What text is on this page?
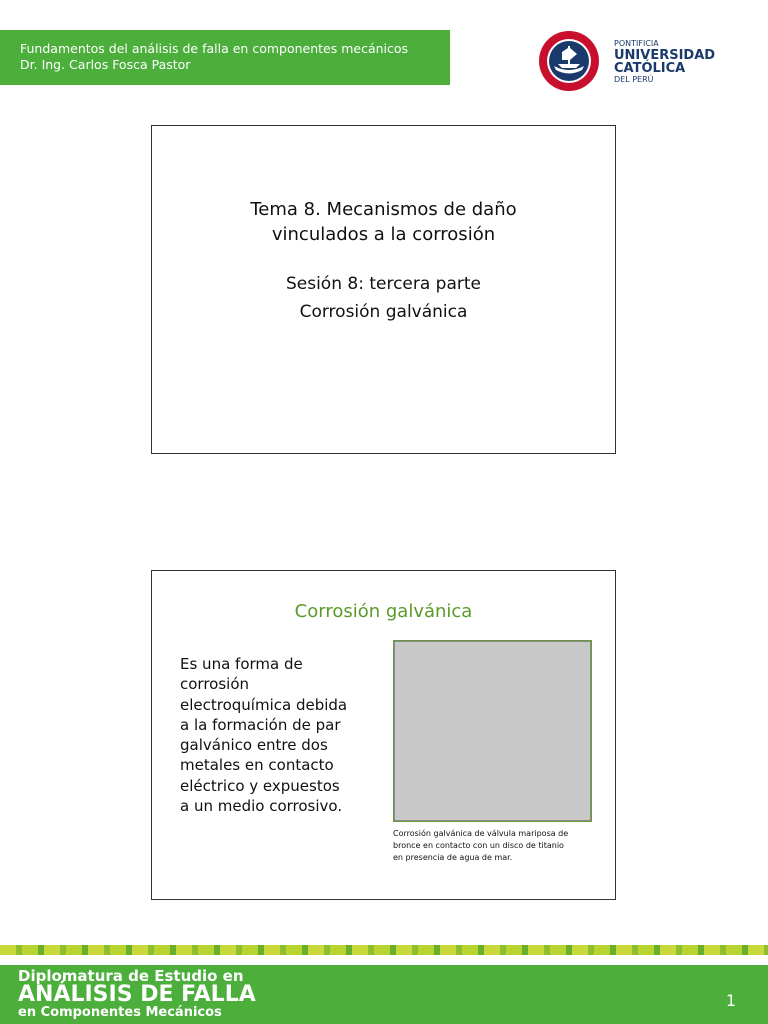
Fundamentos del análisis de falla en componentes mecánicos
Dr. Ing. Carlos Fosca Pastor
PONTIFICIA
UNIVERSIDAD
CATÓLICA
DEL PERÚ
Tema 8. Mecanismos de daño
vinculados a la corrosión
Sesión 8: tercera parte
Corrosión galvánica
Corrosión galvánica
Es una forma de
corrosión
electroquímica debida
a la formación de par
galvánico entre dos
metales en contacto
eléctrico y expuestos
a un medio corrosivo.
Corrosión galvánica de válvula mariposa de
bronce en contacto con un disco de titanio
en presencia de agua de mar.
Diplomatura de Estudio en
ANÁLISIS DE FALLA
en Componentes Mecánicos
1
